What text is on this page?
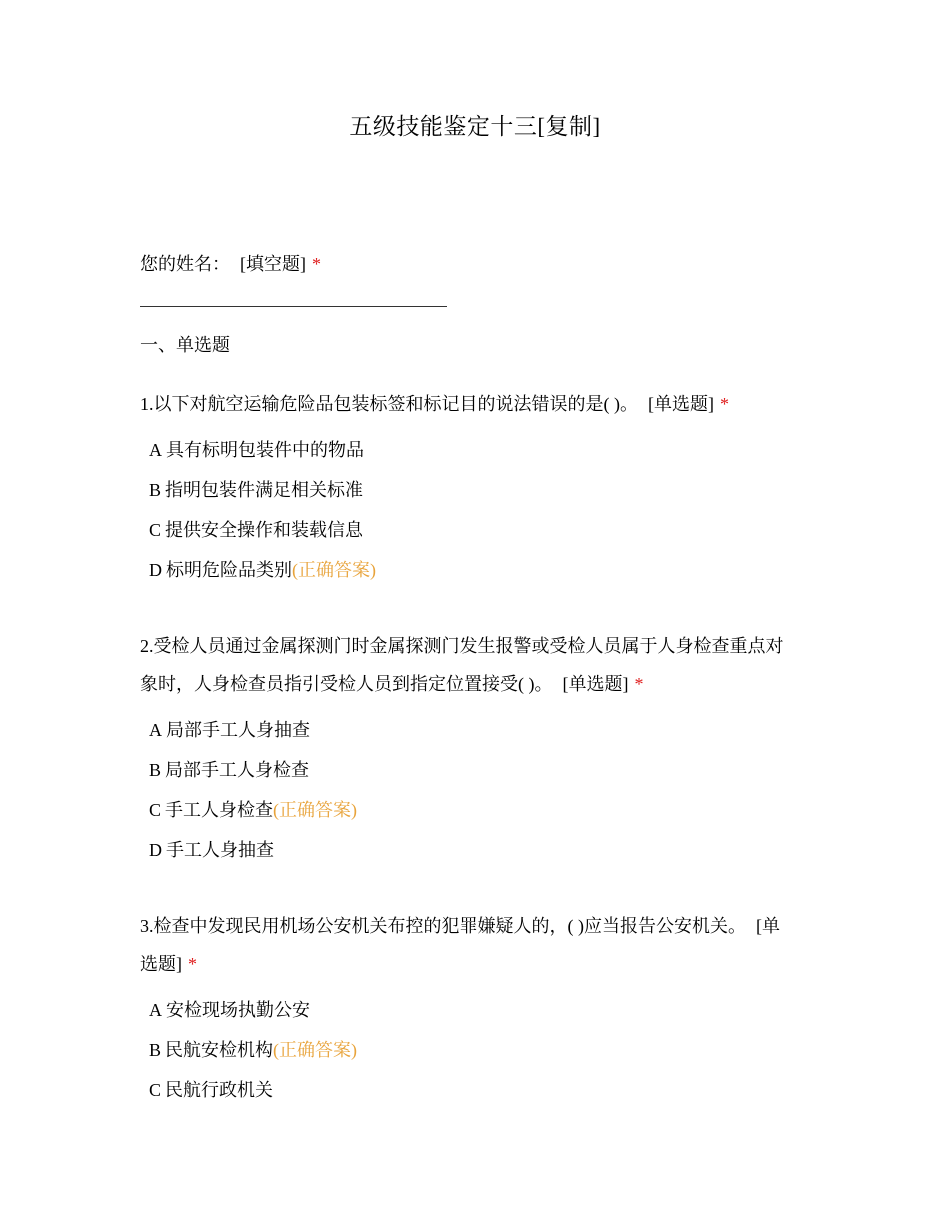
五级技能鉴定十三[复制]
您的姓名： [填空题] *
一、单选题
1.以下对航空运输危险品包装标签和标记目的说法错误的是( )。 [单选题] *
A 具有标明包装件中的物品
B 指明包装件满足相关标准
C 提供安全操作和装载信息
D 标明危险品类别(正确答案)
2.受检人员通过金属探测门时金属探测门发生报警或受检人员属于人身检查重点对
象时，人身检查员指引受检人员到指定位置接受( )。 [单选题] *
A 局部手工人身抽查
B 局部手工人身检查
C 手工人身检查(正确答案)
D 手工人身抽查
3.检查中发现民用机场公安机关布控的犯罪嫌疑人的，( )应当报告公安机关。 [单
选题] *
A 安检现场执勤公安
B 民航安检机构(正确答案)
C 民航行政机关
